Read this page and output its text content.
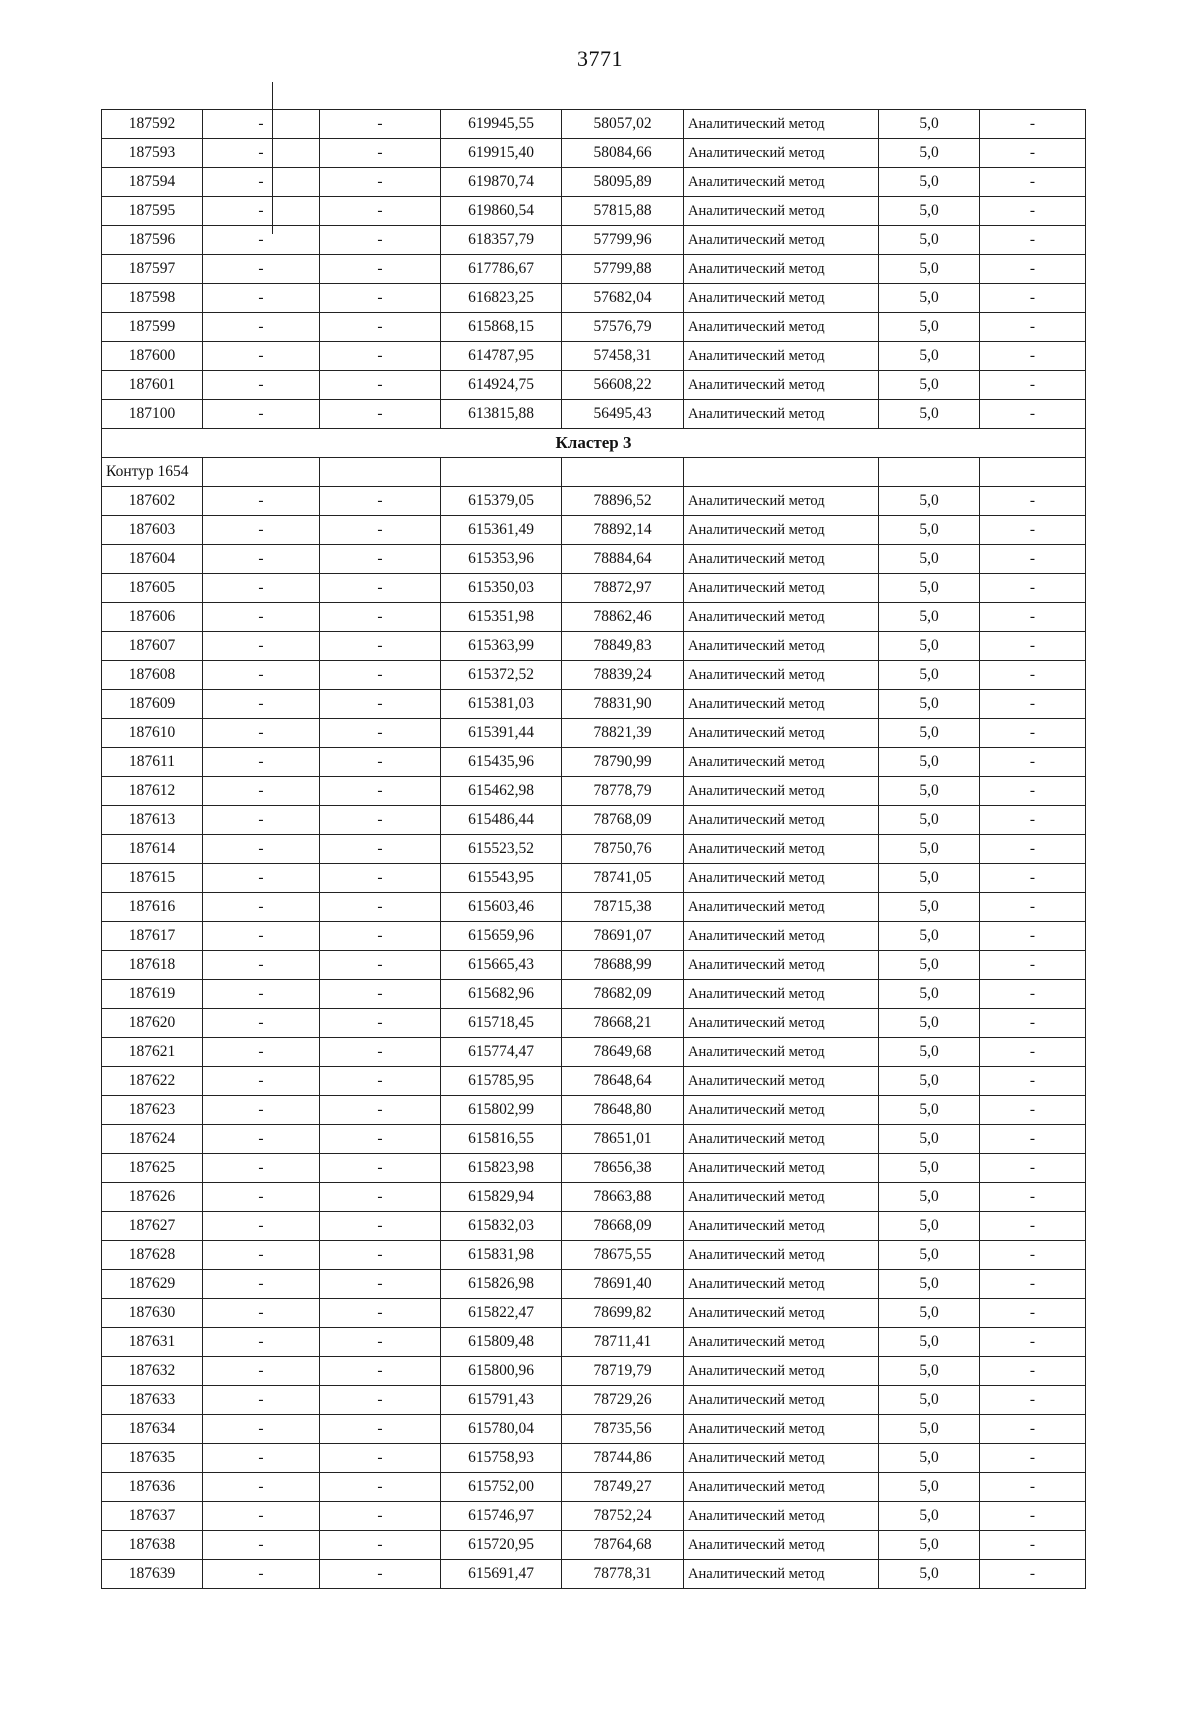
3771
187592	-	-	619945,55	58057,02	Аналитический метод	5,0	-
187593	-	-	619915,40	58084,66	Аналитический метод	5,0	-
187594	-	-	619870,74	58095,89	Аналитический метод	5,0	-
187595	-	-	619860,54	57815,88	Аналитический метод	5,0	-
187596	-	-	618357,79	57799,96	Аналитический метод	5,0	-
187597	-	-	617786,67	57799,88	Аналитический метод	5,0	-
187598	-	-	616823,25	57682,04	Аналитический метод	5,0	-
187599	-	-	615868,15	57576,79	Аналитический метод	5,0	-
187600	-	-	614787,95	57458,31	Аналитический метод	5,0	-
187601	-	-	614924,75	56608,22	Аналитический метод	5,0	-
187100	-	-	613815,88	56495,43	Аналитический метод	5,0	-
Кластер 3							
Контур 1654							
187602	-	-	615379,05	78896,52	Аналитический метод	5,0	-
187603	-	-	615361,49	78892,14	Аналитический метод	5,0	-
187604	-	-	615353,96	78884,64	Аналитический метод	5,0	-
187605	-	-	615350,03	78872,97	Аналитический метод	5,0	-
187606	-	-	615351,98	78862,46	Аналитический метод	5,0	-
187607	-	-	615363,99	78849,83	Аналитический метод	5,0	-
187608	-	-	615372,52	78839,24	Аналитический метод	5,0	-
187609	-	-	615381,03	78831,90	Аналитический метод	5,0	-
187610	-	-	615391,44	78821,39	Аналитический метод	5,0	-
187611	-	-	615435,96	78790,99	Аналитический метод	5,0	-
187612	-	-	615462,98	78778,79	Аналитический метод	5,0	-
187613	-	-	615486,44	78768,09	Аналитический метод	5,0	-
187614	-	-	615523,52	78750,76	Аналитический метод	5,0	-
187615	-	-	615543,95	78741,05	Аналитический метод	5,0	-
187616	-	-	615603,46	78715,38	Аналитический метод	5,0	-
187617	-	-	615659,96	78691,07	Аналитический метод	5,0	-
187618	-	-	615665,43	78688,99	Аналитический метод	5,0	-
187619	-	-	615682,96	78682,09	Аналитический метод	5,0	-
187620	-	-	615718,45	78668,21	Аналитический метод	5,0	-
187621	-	-	615774,47	78649,68	Аналитический метод	5,0	-
187622	-	-	615785,95	78648,64	Аналитический метод	5,0	-
187623	-	-	615802,99	78648,80	Аналитический метод	5,0	-
187624	-	-	615816,55	78651,01	Аналитический метод	5,0	-
187625	-	-	615823,98	78656,38	Аналитический метод	5,0	-
187626	-	-	615829,94	78663,88	Аналитический метод	5,0	-
187627	-	-	615832,03	78668,09	Аналитический метод	5,0	-
187628	-	-	615831,98	78675,55	Аналитический метод	5,0	-
187629	-	-	615826,98	78691,40	Аналитический метод	5,0	-
187630	-	-	615822,47	78699,82	Аналитический метод	5,0	-
187631	-	-	615809,48	78711,41	Аналитический метод	5,0	-
187632	-	-	615800,96	78719,79	Аналитический метод	5,0	-
187633	-	-	615791,43	78729,26	Аналитический метод	5,0	-
187634	-	-	615780,04	78735,56	Аналитический метод	5,0	-
187635	-	-	615758,93	78744,86	Аналитический метод	5,0	-
187636	-	-	615752,00	78749,27	Аналитический метод	5,0	-
187637	-	-	615746,97	78752,24	Аналитический метод	5,0	-
187638	-	-	615720,95	78764,68	Аналитический метод	5,0	-
187639	-	-	615691,47	78778,31	Аналитический метод	5,0	-
